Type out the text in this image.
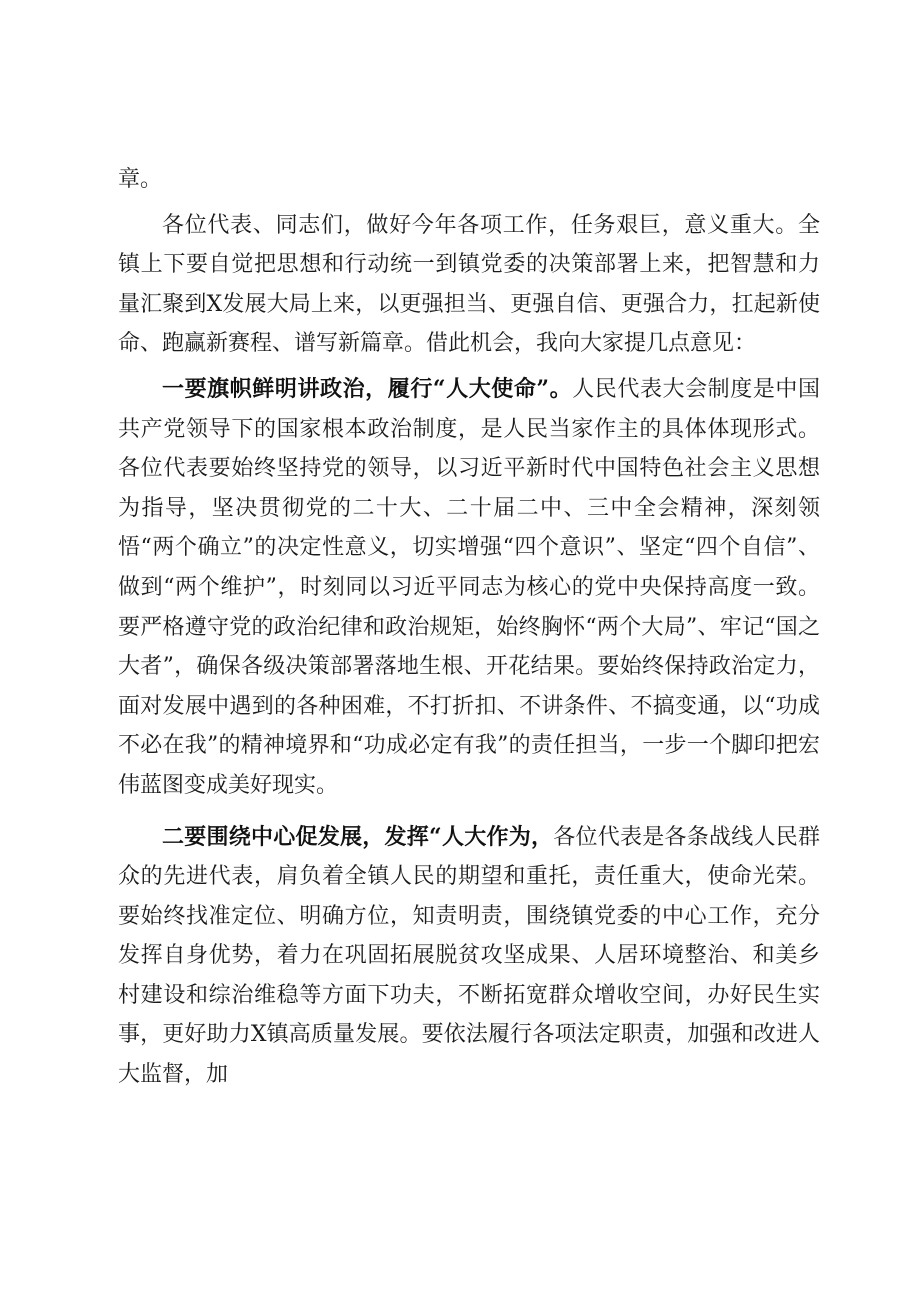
章。

各位代表、同志们，做好今年各项工作，任务艰巨，意义重大。全镇上下要自觉把思想和行动统一到镇党委的决策部署上来，把智慧和力量汇聚到X发展大局上来，以更强担当、更强自信、更强合力，扛起新使命、跑赢新赛程、谱写新篇章。借此机会，我向大家提几点意见：

一要旗帜鲜明讲政治，履行“人大使命”。人民代表大会制度是中国共产党领导下的国家根本政治制度，是人民当家作主的具体体现形式。各位代表要始终坚持党的领导，以习近平新时代中国特色社会主义思想为指导，坚决贯彻党的二十大、二十届二中、三中全会精神，深刻领悟“两个确立”的决定性意义，切实增强“四个意识”、坚定“四个自信”、做到“两个维护”，时刻同以习近平同志为核心的党中央保持高度一致。要严格遵守党的政治纪律和政治规矩，始终胸怀“两个大局”、牢记“国之大者”，确保各级决策部署落地生根、开花结果。要始终保持政治定力，面对发展中遇到的各种困难，不打折扣、不讲条件、不搞变通，以“功成不必在我”的精神境界和“功成必定有我”的责任担当，一步一个脚印把宏伟蓝图变成美好现实。

二要围绕中心促发展，发挥“人大作为，各位代表是各条战线人民群众的先进代表，肩负着全镇人民的期望和重托，责任重大，使命光荣。要始终找准定位、明确方位，知责明责，围绕镇党委的中心工作，充分发挥自身优势，着力在巩固拓展脱贫攻坚成果、人居环境整治、和美乡村建设和综治维稳等方面下功夫，不断拓宽群众增收空间，办好民生实事，更好助力X镇高质量发展。要依法履行各项法定职责，加强和改进人大监督，加
